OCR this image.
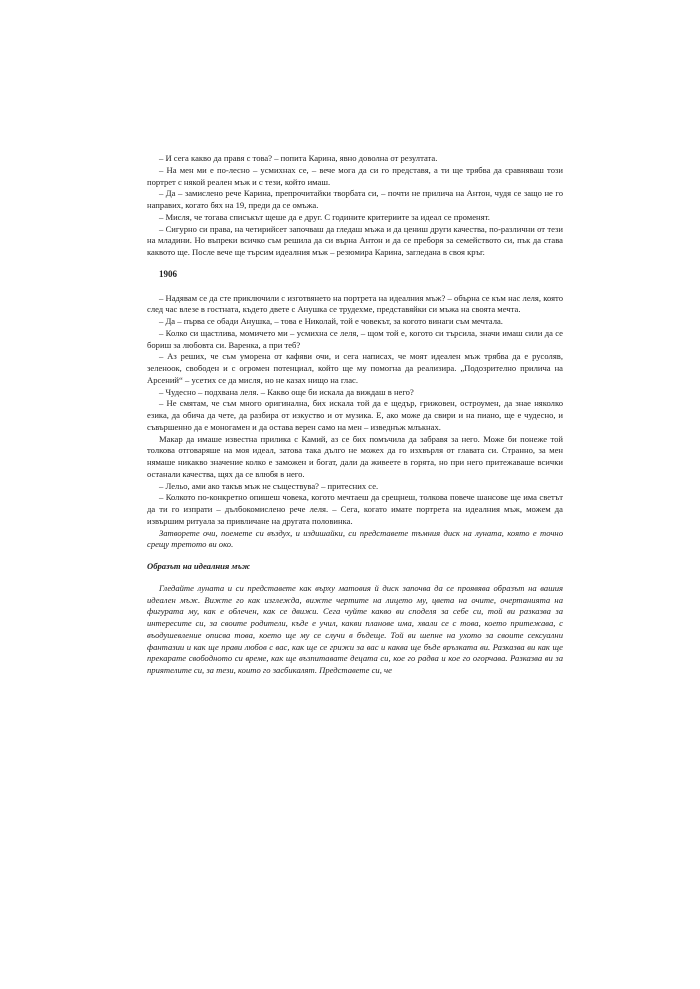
– И сега какво да правя с това? – попита Карина, явно доволна от резултата.

– На мен ми е по-лесно – усмихнах се, – вече мога да си го представя, а ти ще трябва да сравняваш този портрет с някой реален мъж и с тези, който имаш.

– Да – замислено рече Карина, препрочитайки творбата си, – почти не прилича на Антон, чудя се защо не го направих, когато бях на 19, преди да се омъжа.

– Мисля, че тогава списъкът щеше да е друг. С годините критериите за идеал се променят.

– Сигурно си права, на четирийсет започваш да гледаш мъжа и да цениш други качества, по-различни от тези на младини. Но въпреки всичко съм решила да си върна Антон и да се преборя за семейството си, пък да става каквото ще. После вече ще търсим идеалния мъж – резюмира Карина, загледана в своя кръг.

1906

– Надявам се да сте приключили с изготвянето на портрета на идеалния мъж? – обърна се към нас леля, която след час влезе в гостната, където двете с Анушка се трудехме, представяйки си мъжа на своята мечта.

– Да – първа се обади Анушка, – това е Николай, той е човекът, за когото винаги съм мечтала.

– Колко си щастлива, момичето ми – усмихна се леля, – щом той е, когото си търсила, значи имаш сили да се бориш за любовта си. Варенка, а при теб?

– Аз реших, че съм уморена от кафяви очи, и сега написах, че моят идеален мъж трябва да е русоляв, зеленоок, свободен и с огромен потенциал, който ще му помогна да реализира. „Подозрително прилича на Арсений“ – усетих се да мисля, но не казах нищо на глас.

– Чудесно – подхвана леля. – Какво още би искала да виждаш в него?

– Не смятам, че съм много оригинална, бих искала той да е щедър, грижовен, остроумен, да знае няколко езика, да обича да чете, да разбира от изкуство и от музика. Е, ако може да свири и на пиано, ще е чудесно, и съвършенно да е моногамен и да остава верен само на мен – изведнъж млъкнах.

Макар да имаше известна прилика с Камий, аз се бих помъчила да забравя за него. Може би понеже той толкова отговаряше на моя идеал, затова така дълго не можех да го изхвърля от главата си. Странно, за мен нямаше никакво значение колко е заможен и богат, дали да живеете в горята, но при него притежаваше всички останали качества, щях да се влюбя в него.

– Лельо, ами ако такъв мъж не съществува? – притесних се.

– Колкото по-конкретно опишеш човека, когото мечтаеш да срещнеш, толкова повече шансове ще има светът да ти го изпрати – дълбокомислено рече леля. – Сега, когато имате портрета на идеалния мъж, можем да извършим ритуала за привличане на другата половинка.

Затворете очи, поемете си въздух, и издишайки, си представете тъмния диск на луната, която е точно срещу третото ви око.

Образът на идеалния мъж

Гледайте луната и си представете как върху матовия й диск започва да се проявява образът на вашия идеален мъж. Вижте го как изглежда, вижте чертите на лицето му, цвета на очите, очертанията на фигурата му, как е облечен, как се движи. Сега чуйте какво ви споделя за себе си, той ви разказва за интересите си, за своите родители, къде е учил, какви планове има, хвали се с това, което притежава, с въодушевление описва това, което ще му се случи в бъдеще. Той ви шепне на ухото за своите сексуални фантазии и как ще прави любов с вас, как ще се грижи за вас и каква ще бъде връзката ви. Разказва ви как ще прекарате свободното си време, как ще възпитавате децата си, кое го радва и кое го огорчава. Разказва ви за приятелите си, за тези, които го засбикалят. Представете си, че
